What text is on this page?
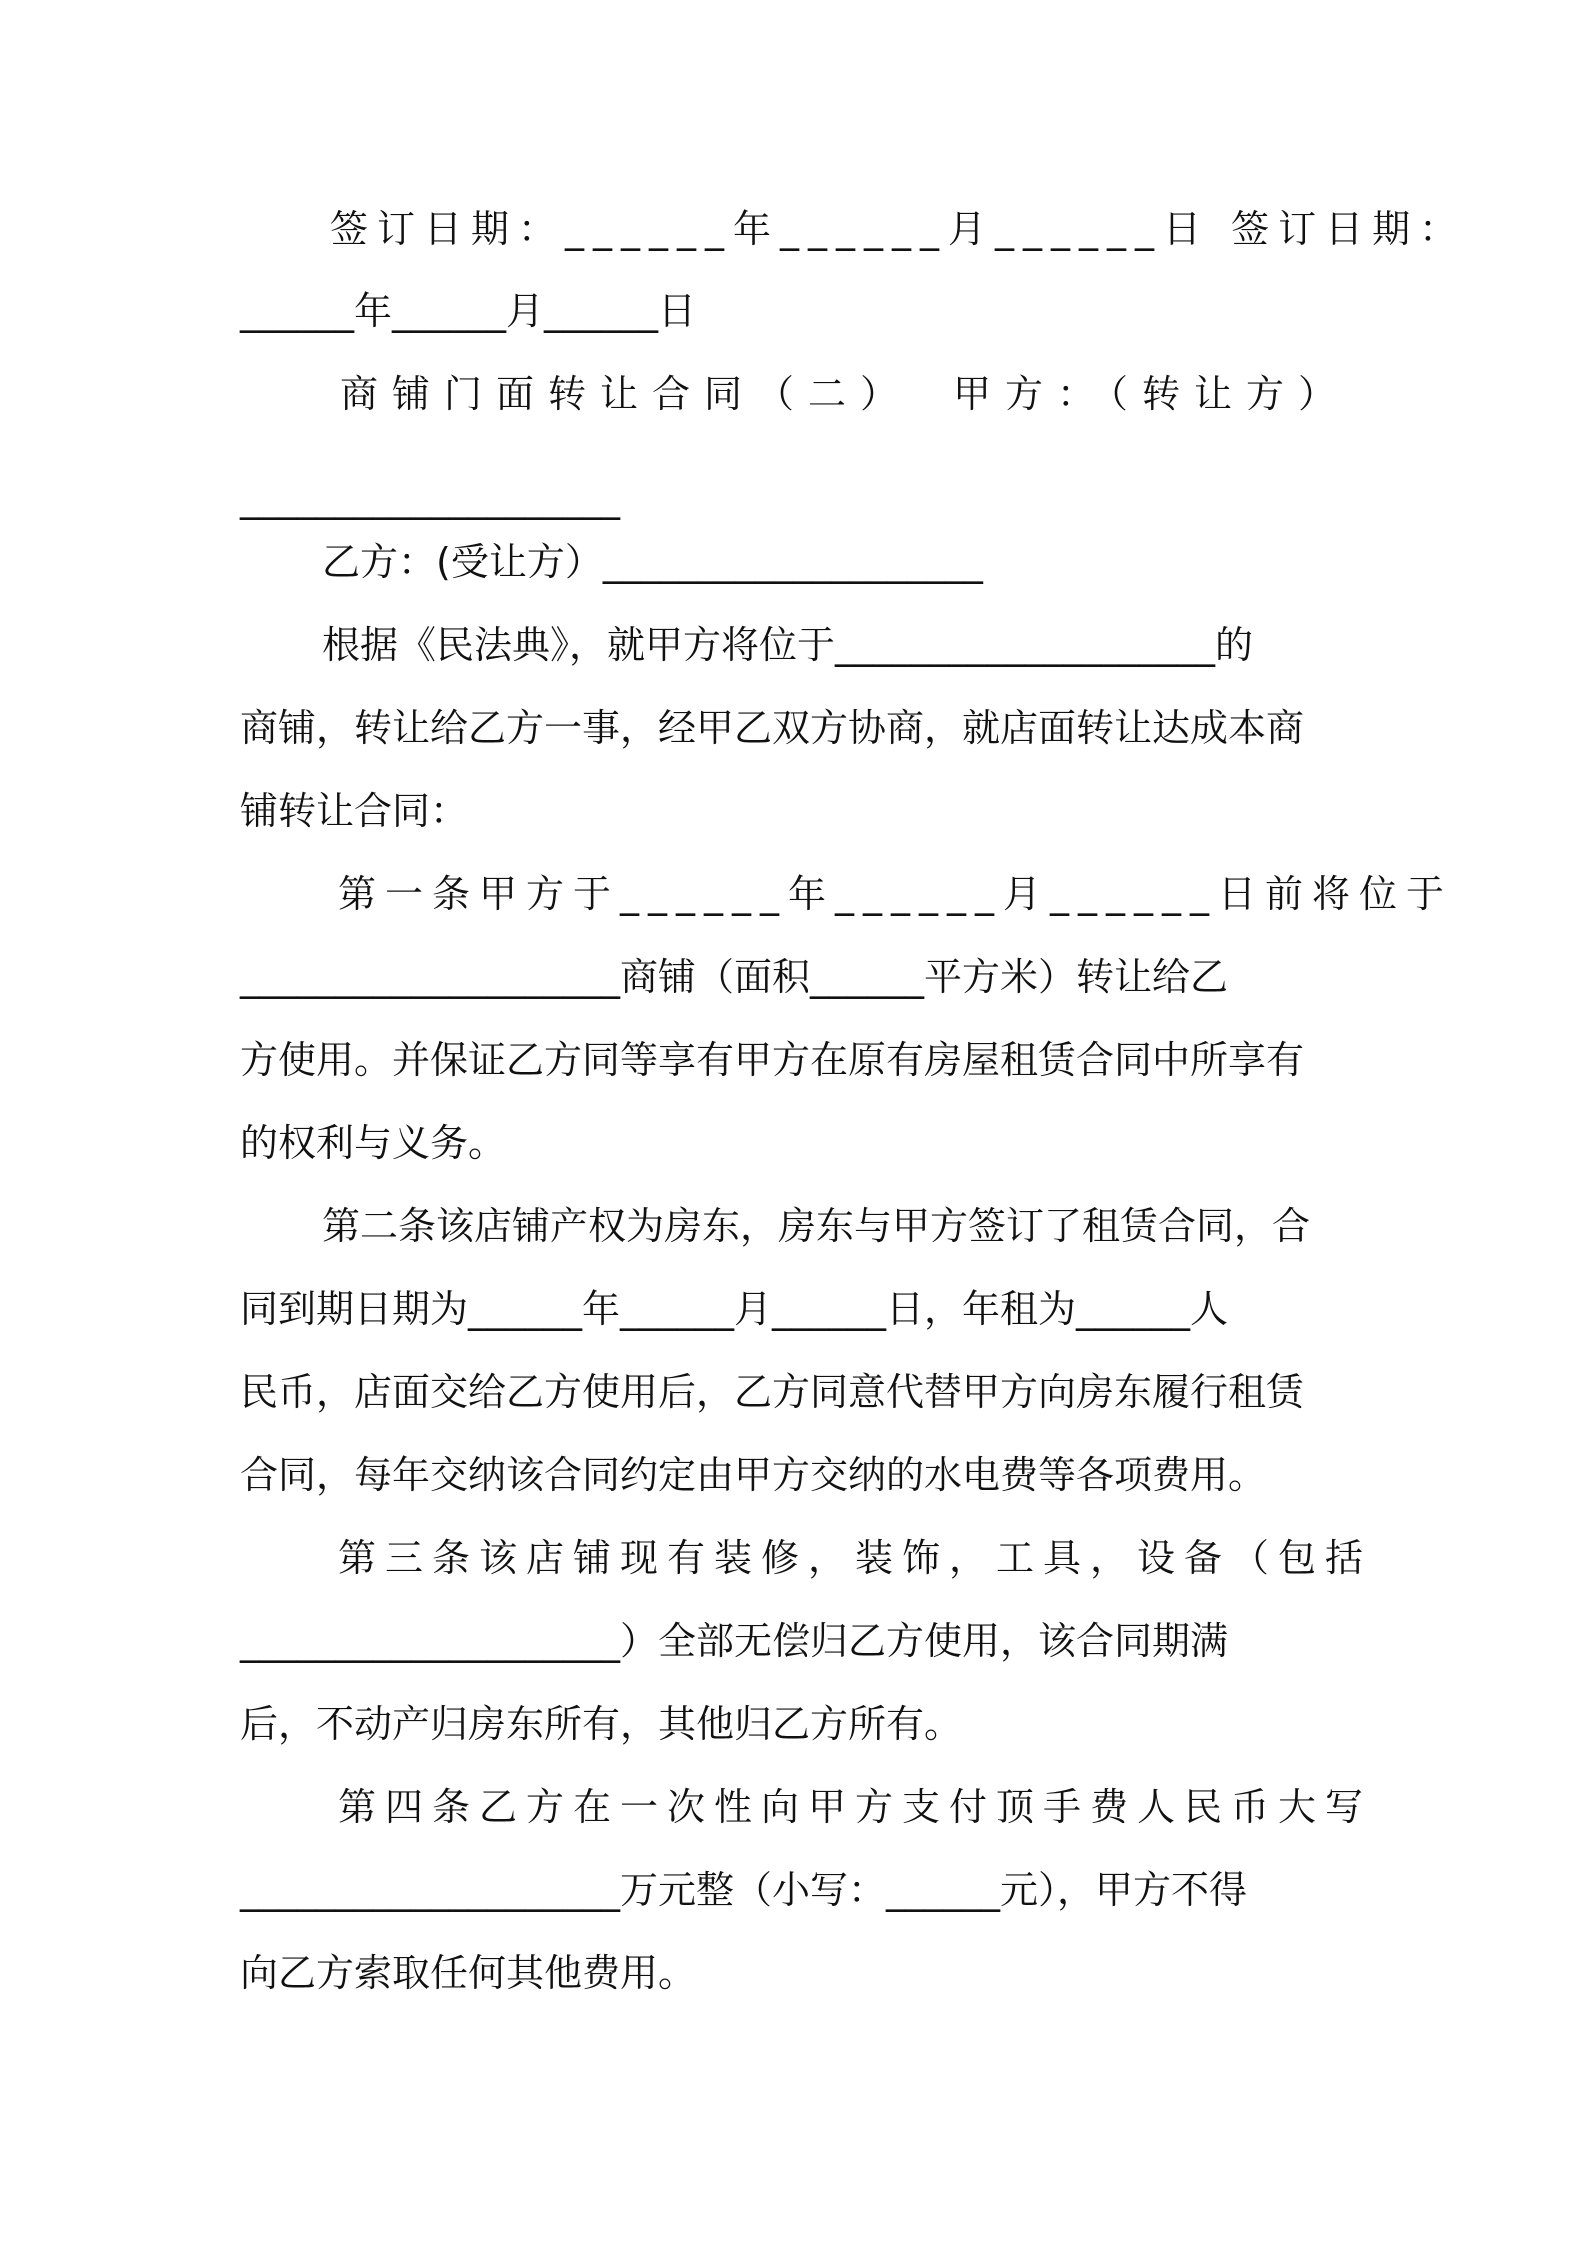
签订日期：______年______月______日 签订日期：
______年______月______日
商铺门面转让合同（二） 甲方：（转让方）
____________________
乙方：(受让方）____________________
根据《民法典》，就甲方将位于____________________的
商铺，转让给乙方一事，经甲乙双方协商，就店面转让达成本商
铺转让合同：
第一条甲方于______年______月______日前将位于
____________________商铺（面积______平方米）转让给乙
方使用。并保证乙方同等享有甲方在原有房屋租赁合同中所享有
的权利与义务。
第二条该店铺产权为房东，房东与甲方签订了租赁合同，合
同到期日期为______年______月______日，年租为______人
民币，店面交给乙方使用后，乙方同意代替甲方向房东履行租赁
合同，每年交纳该合同约定由甲方交纳的水电费等各项费用。
第三条该店铺现有装修，装饰，工具，设备（包括
____________________）全部无偿归乙方使用，该合同期满
后，不动产归房东所有，其他归乙方所有。
第四条乙方在一次性向甲方支付顶手费人民币大写
____________________万元整（小写：______元），甲方不得
向乙方索取任何其他费用。
